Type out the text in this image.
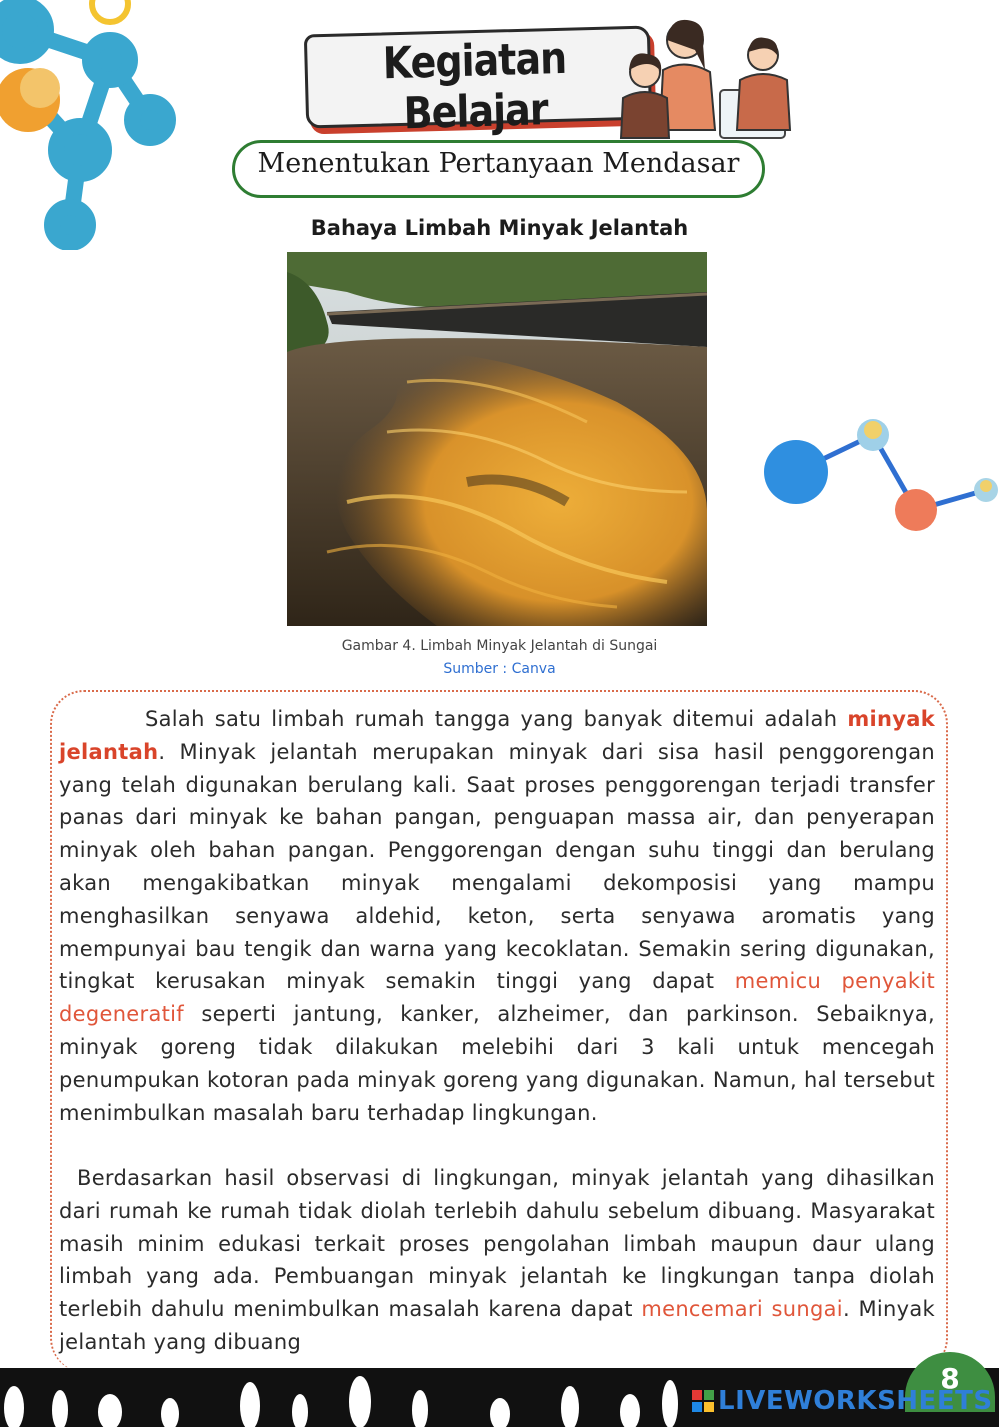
Kegiatan Belajar
Menentukan Pertanyaan Mendasar
Bahaya Limbah Minyak Jelantah
Gambar 4. Limbah Minyak Jelantah di Sungai
Sumber : Canva
Salah satu limbah rumah tangga yang banyak ditemui adalah minyak jelantah. Minyak jelantah merupakan minyak dari sisa hasil penggorengan yang telah digunakan berulang kali. Saat proses penggorengan terjadi transfer panas dari minyak ke bahan pangan, penguapan massa air, dan penyerapan minyak oleh bahan pangan. Penggorengan dengan suhu tinggi dan berulang akan mengakibatkan minyak mengalami dekomposisi yang mampu menghasilkan senyawa aldehid, keton, serta senyawa aromatis yang mempunyai bau tengik dan warna yang kecoklatan. Semakin sering digunakan, tingkat kerusakan minyak semakin tinggi yang dapat memicu penyakit degeneratif seperti jantung, kanker, alzheimer, dan parkinson. Sebaiknya, minyak goreng tidak dilakukan melebihi dari 3 kali untuk mencegah penumpukan kotoran pada minyak goreng yang digunakan. Namun, hal tersebut menimbulkan masalah baru terhadap lingkungan.
Berdasarkan hasil observasi di lingkungan, minyak jelantah yang dihasilkan dari rumah ke rumah tidak diolah terlebih dahulu sebelum dibuang. Masyarakat masih minim edukasi terkait proses pengolahan limbah maupun daur ulang limbah yang ada. Pembuangan minyak jelantah ke lingkungan tanpa diolah terlebih dahulu menimbulkan masalah karena dapat mencemari sungai. Minyak jelantah yang dibuang
8
LIVEWORKSHEETS
